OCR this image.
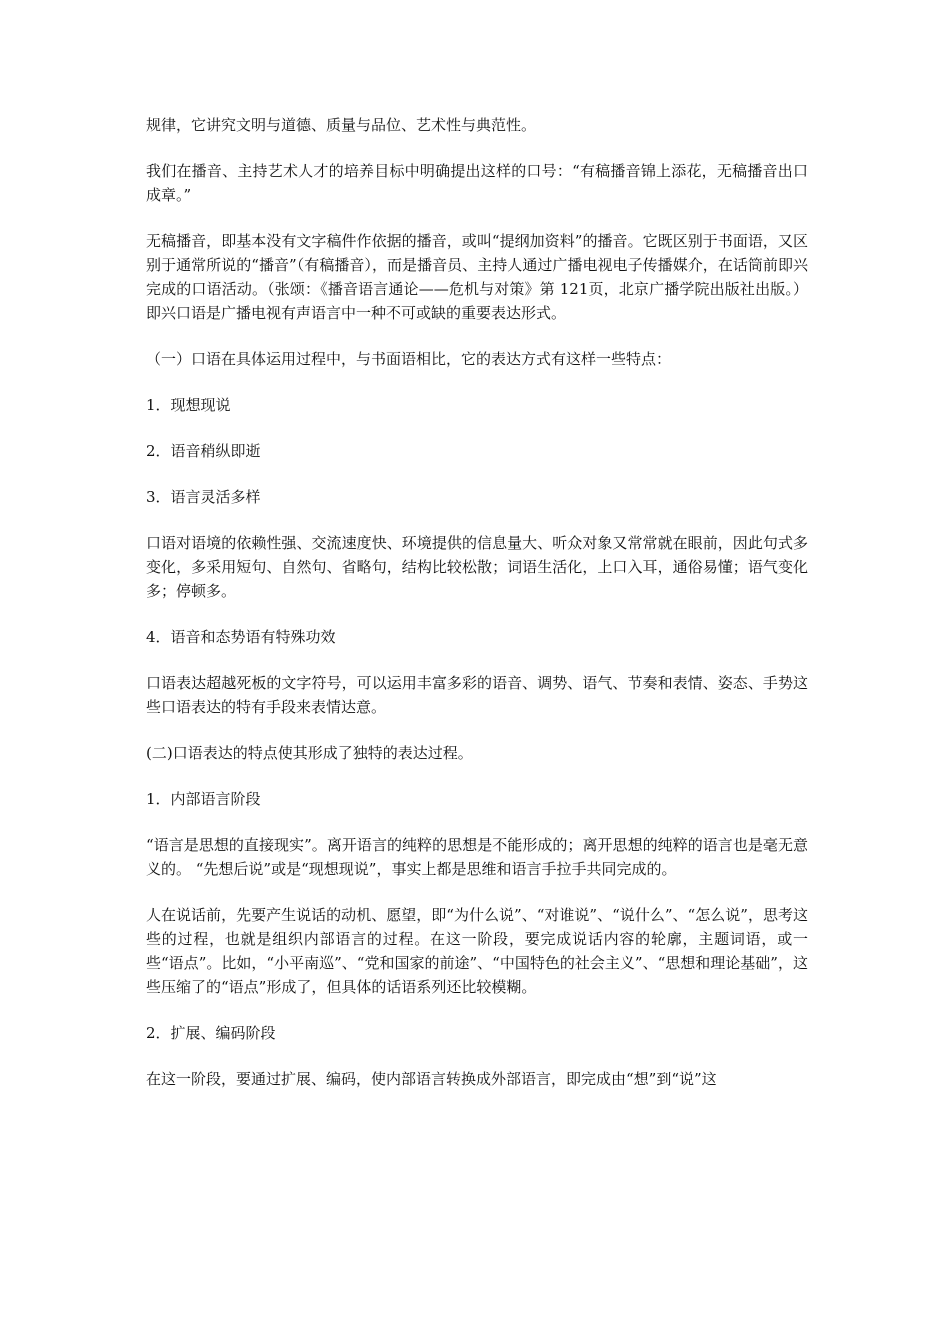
规律，它讲究文明与道德、质量与品位、艺术性与典范性。

我们在播音、主持艺术人才的培养目标中明确提出这样的口号：“有稿播音锦上添花，无稿播音出口成章。”

无稿播音，即基本没有文字稿件作依据的播音，或叫“提纲加资料”的播音。它既区别于书面语，又区别于通常所说的“播音”（有稿播音），而是播音员、主持人通过广播电视电子传播媒介，在话筒前即兴完成的口语活动。（张颂：《播音语言通论——危机与对策》第 121页，北京广播学院出版社出版。）即兴口语是广播电视有声语言中一种不可或缺的重要表达形式。

（一）口语在具体运用过程中，与书面语相比，它的表达方式有这样一些特点：

1．现想现说

2．语音稍纵即逝

3．语言灵活多样

口语对语境的依赖性强、交流速度快、环境提供的信息量大、听众对象又常常就在眼前，因此句式多变化，多采用短句、自然句、省略句，结构比较松散；词语生活化，上口入耳，通俗易懂；语气变化多；停顿多。

4．语音和态势语有特殊功效

口语表达超越死板的文字符号，可以运用丰富多彩的语音、调势、语气、节奏和表情、姿态、手势这些口语表达的特有手段来表情达意。

(二)口语表达的特点使其形成了独特的表达过程。

1．内部语言阶段

“语言是思想的直接现实”。离开语言的纯粹的思想是不能形成的；离开思想的纯粹的语言也是毫无意义的。 “先想后说”或是“现想现说”，事实上都是思维和语言手拉手共同完成的。

人在说话前，先要产生说话的动机、愿望，即“为什么说”、“对谁说”、“说什么”、“怎么说”，思考这些的过程，也就是组织内部语言的过程。在这一阶段，要完成说话内容的轮廓，主题词语，或一些“语点”。比如，“小平南巡”、“党和国家的前途”、“中国特色的社会主义”、“思想和理论基础”，这些压缩了的“语点”形成了，但具体的话语系列还比较模糊。

2．扩展、编码阶段

在这一阶段，要通过扩展、编码，使内部语言转换成外部语言，即完成由“想”到“说”这
